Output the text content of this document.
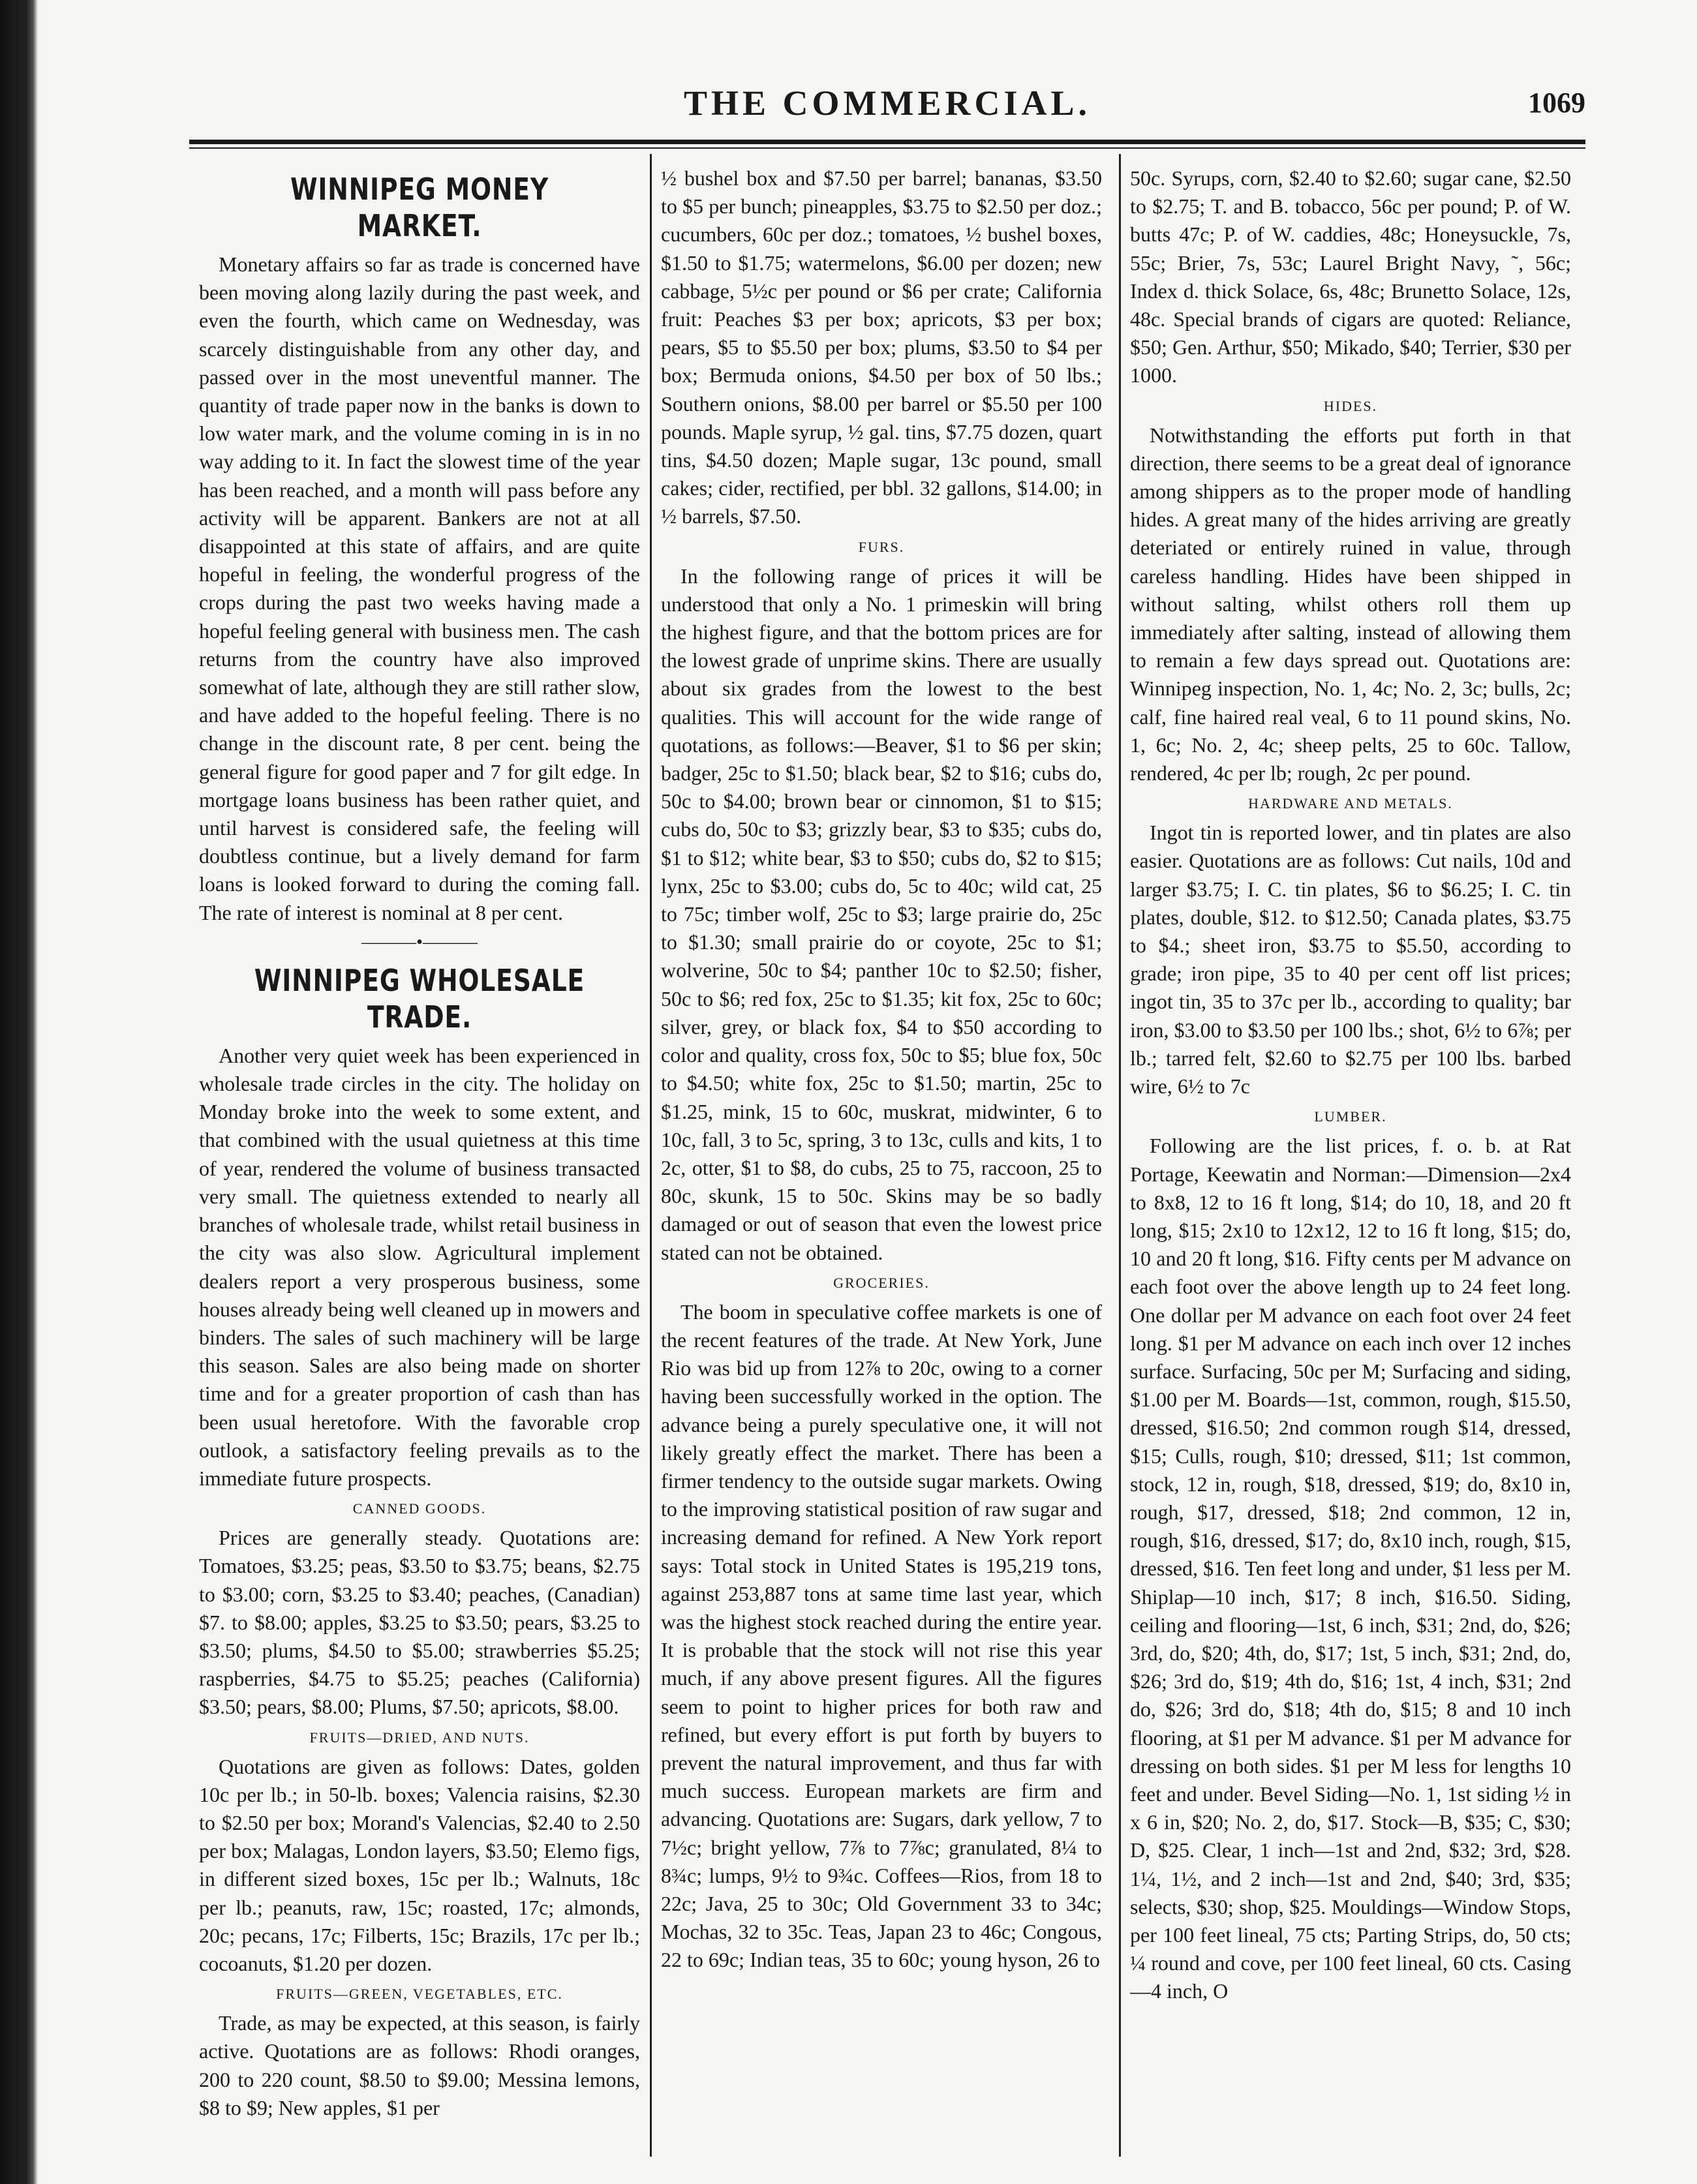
THE COMMERCIAL.	1069
WINNIPEG MONEY MARKET.

Monetary affairs so far as trade is concerned have been moving along lazily during the past week, and even the fourth, which came on Wednesday, was scarcely distinguishable from any other day, and passed over in the most uneventful manner. The quantity of trade paper now in the banks is down to low water mark, and the volume coming in is in no way adding to it. In fact the slowest time of the year has been reached, and a month will pass before any activity will be apparent. Bankers are not at all disappointed at this state of affairs, and are quite hopeful in feeling, the wonderful progress of the crops during the past two weeks having made a hopeful feeling general with business men. The cash returns from the country have also improved somewhat of late, although they are still rather slow, and have added to the hopeful feeling. There is no change in the discount rate, 8 per cent. being the general figure for good paper and 7 for gilt edge. In mortgage loans business has been rather quiet, and until harvest is considered safe, the feeling will doubtless continue, but a lively demand for farm loans is looked forward to during the coming fall. The rate of interest is nominal at 8 per cent.

———•———
WINNIPEG WHOLESALE TRADE.

Another very quiet week has been experienced in wholesale trade circles in the city. The holiday on Monday broke into the week to some extent, and that combined with the usual quietness at this time of year, rendered the volume of business transacted very small. The quietness extended to nearly all branches of wholesale trade, whilst retail business in the city was also slow. Agricultural implement dealers report a very prosperous business, some houses already being well cleaned up in mowers and binders. The sales of such machinery will be large this season. Sales are also being made on shorter time and for a greater proportion of cash than has been usual heretofore. With the favorable crop outlook, a satisfactory feeling prevails as to the immediate future prospects.

CANNED GOODS.

Prices are generally steady. Quotations are: Tomatoes, $3.25; peas, $3.50 to $3.75; beans, $2.75 to $3.00; corn, $3.25 to $3.40; peaches, (Canadian) $7. to $8.00; apples, $3.25 to $3.50; pears, $3.25 to $3.50; plums, $4.50 to $5.00; strawberries $5.25; raspberries, $4.75 to $5.25; peaches (California) $3.50; pears, $8.00; Plums, $7.50; apricots, $8.00.

FRUITS—DRIED, AND NUTS.

Quotations are given as follows: Dates, golden 10c per lb.; in 50-lb. boxes; Valencia raisins, $2.30 to $2.50 per box; Morand's Valencias, $2.40 to 2.50 per box; Malagas, London layers, $3.50; Elemo figs, in different sized boxes, 15c per lb.; Walnuts, 18c per lb.; peanuts, raw, 15c; roasted, 17c; almonds, 20c; pecans, 17c; Filberts, 15c; Brazils, 17c per lb.; cocoanuts, $1.20 per dozen.

FRUITS—GREEN, VEGETABLES, ETC.

Trade, as may be expected, at this season, is fairly active. Quotations are as follows: Rhodi oranges, 200 to 220 count, $8.50 to $9.00; Messina lemons, $8 to $9; New apples, $1 per

½ bushel box and $7.50 per barrel; bananas, $3.50 to $5 per bunch; pineapples, $3.75 to $2.50 per doz.; cucumbers, 60c per doz.; tomatoes, ½ bushel boxes, $1.50 to $1.75; watermelons, $6.00 per dozen; new cabbage, 5½c per pound or $6 per crate; California fruit: Peaches $3 per box; apricots, $3 per box; pears, $5 to $5.50 per box; plums, $3.50 to $4 per box; Bermuda onions, $4.50 per box of 50 lbs.; Southern onions, $8.00 per barrel or $5.50 per 100 pounds. Maple syrup, ½ gal. tins, $7.75 dozen, quart tins, $4.50 dozen; Maple sugar, 13c pound, small cakes; cider, rectified, per bbl. 32 gallons, $14.00; in ½ barrels, $7.50.

FURS.

In the following range of prices it will be understood that only a No. 1 primeskin will bring the highest figure, and that the bottom prices are for the lowest grade of unprime skins. There are usually about six grades from the lowest to the best qualities. This will account for the wide range of quotations, as follows:—Beaver, $1 to $6 per skin; badger, 25c to $1.50; black bear, $2 to $16; cubs do, 50c to $4.00; brown bear or cinnomon, $1 to $15; cubs do, 50c to $3; grizzly bear, $3 to $35; cubs do, $1 to $12; white bear, $3 to $50; cubs do, $2 to $15; lynx, 25c to $3.00; cubs do, 5c to 40c; wild cat, 25 to 75c; timber wolf, 25c to $3; large prairie do, 25c to $1.30; small prairie do or coyote, 25c to $1; wolverine, 50c to $4; panther 10c to $2.50; fisher, 50c to $6; red fox, 25c to $1.35; kit fox, 25c to 60c; silver, grey, or black fox, $4 to $50 according to color and quality, cross fox, 50c to $5; blue fox, 50c to $4.50; white fox, 25c to $1.50; martin, 25c to $1.25, mink, 15 to 60c, muskrat, midwinter, 6 to 10c, fall, 3 to 5c, spring, 3 to 13c, culls and kits, 1 to 2c, otter, $1 to $8, do cubs, 25 to 75, raccoon, 25 to 80c, skunk, 15 to 50c. Skins may be so badly damaged or out of season that even the lowest price stated can not be obtained.

GROCERIES.

The boom in speculative coffee markets is one of the recent features of the trade. At New York, June Rio was bid up from 12⅞ to 20c, owing to a corner having been successfully worked in the option. The advance being a purely speculative one, it will not likely greatly effect the market. There has been a firmer tendency to the outside sugar markets. Owing to the improving statistical position of raw sugar and increasing demand for refined. A New York report says: Total stock in United States is 195,219 tons, against 253,887 tons at same time last year, which was the highest stock reached during the entire year. It is probable that the stock will not rise this year much, if any above present figures. All the figures seem to point to higher prices for both raw and refined, but every effort is put forth by buyers to prevent the natural improvement, and thus far with much success. European markets are firm and advancing. Quotations are: Sugars, dark yellow, 7 to 7½c; bright yellow, 7⅞ to 7⅞c; granulated, 8¼ to 8¾c; lumps, 9½ to 9¾c. Coffees—Rios, from 18 to 22c; Java, 25 to 30c; Old Government 33 to 34c; Mochas, 32 to 35c. Teas, Japan 23 to 46c; Congous, 22 to 69c; Indian teas, 35 to 60c; young hyson, 26 to

50c. Syrups, corn, $2.40 to $2.60; sugar cane, $2.50 to $2.75; T. and B. tobacco, 56c per pound; P. of W. butts 47c; P. of W. caddies, 48c; Honeysuckle, 7s, 55c; Brier, 7s, 53c; Laurel Bright Navy, ˜, 56c; Index d. thick Solace, 6s, 48c; Brunetto Solace, 12s, 48c. Special brands of cigars are quoted: Reliance, $50; Gen. Arthur, $50; Mikado, $40; Terrier, $30 per 1000.

HIDES.

Notwithstanding the efforts put forth in that direction, there seems to be a great deal of ignorance among shippers as to the proper mode of handling hides. A great many of the hides arriving are greatly deteriated or entirely ruined in value, through careless handling. Hides have been shipped in without salting, whilst others roll them up immediately after salting, instead of allowing them to remain a few days spread out. Quotations are: Winnipeg inspection, No. 1, 4c; No. 2, 3c; bulls, 2c; calf, fine haired real veal, 6 to 11 pound skins, No. 1, 6c; No. 2, 4c; sheep pelts, 25 to 60c. Tallow, rendered, 4c per lb; rough, 2c per pound.

HARDWARE AND METALS.

Ingot tin is reported lower, and tin plates are also easier. Quotations are as follows: Cut nails, 10d and larger $3.75; I. C. tin plates, $6 to $6.25; I. C. tin plates, double, $12. to $12.50; Canada plates, $3.75 to $4.; sheet iron, $3.75 to $5.50, according to grade; iron pipe, 35 to 40 per cent off list prices; ingot tin, 35 to 37c per lb., according to quality; bar iron, $3.00 to $3.50 per 100 lbs.; shot, 6½ to 6⅞; per lb.; tarred felt, $2.60 to $2.75 per 100 lbs. barbed wire, 6½ to 7c

LUMBER.

Following are the list prices, f. o. b. at Rat Portage, Keewatin and Norman:—Dimension—2x4 to 8x8, 12 to 16 ft long, $14; do 10, 18, and 20 ft long, $15; 2x10 to 12x12, 12 to 16 ft long, $15; do, 10 and 20 ft long, $16. Fifty cents per M advance on each foot over the above length up to 24 feet long. One dollar per M advance on each foot over 24 feet long. $1 per M advance on each inch over 12 inches surface. Surfacing, 50c per M; Surfacing and siding, $1.00 per M. Boards—1st, common, rough, $15.50, dressed, $16.50; 2nd common rough $14, dressed, $15; Culls, rough, $10; dressed, $11; 1st common, stock, 12 in, rough, $18, dressed, $19; do, 8x10 in, rough, $17, dressed, $18; 2nd common, 12 in, rough, $16, dressed, $17; do, 8x10 inch, rough, $15, dressed, $16. Ten feet long and under, $1 less per M. Shiplap—10 inch, $17; 8 inch, $16.50. Siding, ceiling and flooring—1st, 6 inch, $31; 2nd, do, $26; 3rd, do, $20; 4th, do, $17; 1st, 5 inch, $31; 2nd, do, $26; 3rd do, $19; 4th do, $16; 1st, 4 inch, $31; 2nd do, $26; 3rd do, $18; 4th do, $15; 8 and 10 inch flooring, at $1 per M advance. $1 per M advance for dressing on both sides. $1 per M less for lengths 10 feet and under. Bevel Siding—No. 1, 1st siding ½ in x 6 in, $20; No. 2, do, $17. Stock—B, $35; C, $30; D, $25. Clear, 1 inch—1st and 2nd, $32; 3rd, $28. 1¼, 1½, and 2 inch—1st and 2nd, $40; 3rd, $35; selects, $30; shop, $25. Mouldings—Window Stops, per 100 feet lineal, 75 cts; Parting Strips, do, 50 cts; ¼ round and cove, per 100 feet lineal, 60 cts. Casing—4 inch, O
